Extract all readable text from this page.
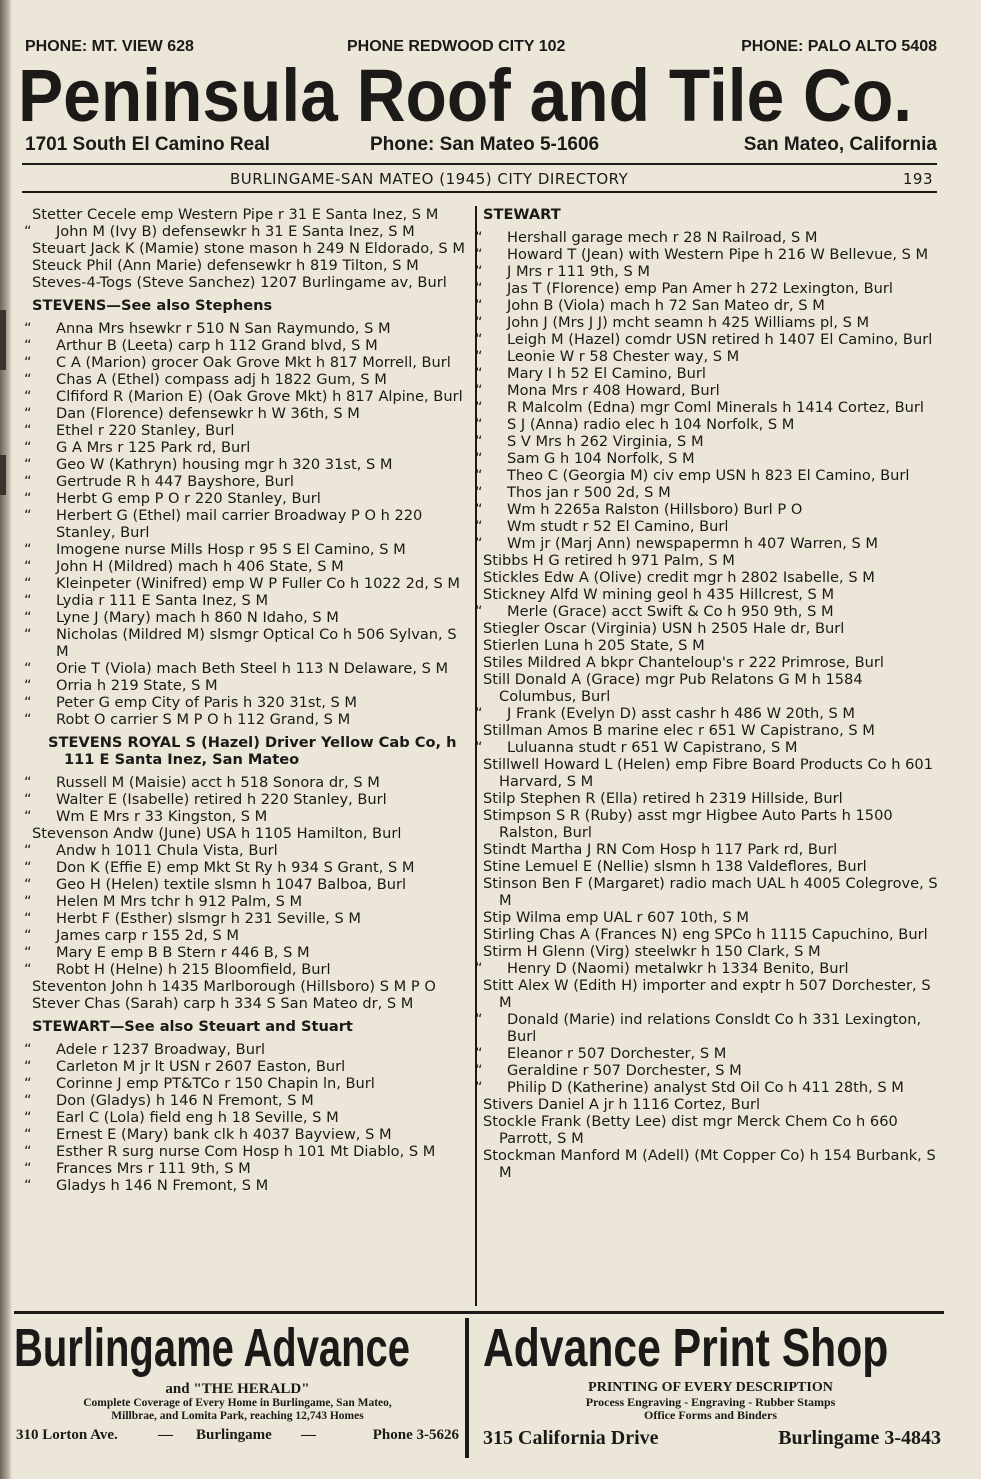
PHONE: MT. VIEW 628	PHONE REDWOOD CITY 102	PHONE: PALO ALTO 5408
Peninsula Roof and Tile Co.
1701 South El Camino Real	Phone: San Mateo 5-1606	San Mateo, California
BURLINGAME-SAN MATEO (1945) CITY DIRECTORY	193
Stetter Cecele emp Western Pipe r 31 E Santa Inez, S M
“ John M (Ivy B) defensewkr h 31 E Santa Inez, S M
Steuart Jack K (Mamie) stone mason h 249 N Eldorado, S M
Steuck Phil (Ann Marie) defensewkr h 819 Tilton, S M
Steves-4-Togs (Steve Sanchez) 1207 Burlingame av, Burl
STEVENS—See also Stephens
“ Anna Mrs hsewkr r 510 N San Raymundo, S M
“ Arthur B (Leeta) carp h 112 Grand blvd, S M
“ C A (Marion) grocer Oak Grove Mkt h 817 Morrell, Burl
“ Chas A (Ethel) compass adj h 1822 Gum, S M
“ Clfiford R (Marion E) (Oak Grove Mkt) h 817 Alpine, Burl
“ Dan (Florence) defensewkr h W 36th, S M
“ Ethel r 220 Stanley, Burl
“ G A Mrs r 125 Park rd, Burl
“ Geo W (Kathryn) housing mgr h 320 31st, S M
“ Gertrude R h 447 Bayshore, Burl
“ Herbt G emp P O r 220 Stanley, Burl
“ Herbert G (Ethel) mail carrier Broadway P O h 220 Stanley, Burl
“ Imogene nurse Mills Hosp r 95 S El Camino, S M
“ John H (Mildred) mach h 406 State, S M
“ Kleinpeter (Winifred) emp W P Fuller Co h 1022 2d, S M
“ Lydia r 111 E Santa Inez, S M
“ Lyne J (Mary) mach h 860 N Idaho, S M
“ Nicholas (Mildred M) slsmgr Optical Co h 506 Sylvan, S M
“ Orie T (Viola) mach Beth Steel h 113 N Delaware, S M
“ Orria h 219 State, S M
“ Peter G emp City of Paris h 320 31st, S M
“ Robt O carrier S M P O h 112 Grand, S M
STEVENS ROYAL S (Hazel) Driver Yellow Cab Co, h 111 E Santa Inez, San Mateo
“ Russell M (Maisie) acct h 518 Sonora dr, S M
“ Walter E (Isabelle) retired h 220 Stanley, Burl
“ Wm E Mrs r 33 Kingston, S M
Stevenson Andw (June) USA h 1105 Hamilton, Burl
“ Andw h 1011 Chula Vista, Burl
“ Don K (Effie E) emp Mkt St Ry h 934 S Grant, S M
“ Geo H (Helen) textile slsmn h 1047 Balboa, Burl
“ Helen M Mrs tchr h 912 Palm, S M
“ Herbt F (Esther) slsmgr h 231 Seville, S M
“ James carp r 155 2d, S M
“ Mary E emp B B Stern r 446 B, S M
“ Robt H (Helne) h 215 Bloomfield, Burl
Steventon John h 1435 Marlborough (Hillsboro) S M P O
Stever Chas (Sarah) carp h 334 S San Mateo dr, S M
STEWART—See also Steuart and Stuart
“ Adele r 1237 Broadway, Burl
“ Carleton M jr lt USN r 2607 Easton, Burl
“ Corinne J emp PT&TCo r 150 Chapin ln, Burl
“ Don (Gladys) h 146 N Fremont, S M
“ Earl C (Lola) field eng h 18 Seville, S M
“ Ernest E (Mary) bank clk h 4037 Bayview, S M
“ Esther R surg nurse Com Hosp h 101 Mt Diablo, S M
“ Frances Mrs r 111 9th, S M
“ Gladys h 146 N Fremont, S M
STEWART
“ Hershall garage mech r 28 N Railroad, S M
“ Howard T (Jean) with Western Pipe h 216 W Bellevue, S M
“ J Mrs r 111 9th, S M
“ Jas T (Florence) emp Pan Amer h 272 Lexington, Burl
“ John B (Viola) mach h 72 San Mateo dr, S M
“ John J (Mrs J J) mcht seamn h 425 Williams pl, S M
“ Leigh M (Hazel) comdr USN retired h 1407 El Camino, Burl
“ Leonie W r 58 Chester way, S M
“ Mary I h 52 El Camino, Burl
“ Mona Mrs r 408 Howard, Burl
“ R Malcolm (Edna) mgr Coml Minerals h 1414 Cortez, Burl
“ S J (Anna) radio elec h 104 Norfolk, S M
“ S V Mrs h 262 Virginia, S M
“ Sam G h 104 Norfolk, S M
“ Theo C (Georgia M) civ emp USN h 823 El Camino, Burl
“ Thos jan r 500 2d, S M
“ Wm h 2265a Ralston (Hillsboro) Burl P O
“ Wm studt r 52 El Camino, Burl
“ Wm jr (Marj Ann) newspapermn h 407 Warren, S M
Stibbs H G retired h 971 Palm, S M
Stickles Edw A (Olive) credit mgr h 2802 Isabelle, S M
Stickney Alfd W mining geol h 435 Hillcrest, S M
“ Merle (Grace) acct Swift & Co h 950 9th, S M
Stiegler Oscar (Virginia) USN h 2505 Hale dr, Burl
Stierlen Luna h 205 State, S M
Stiles Mildred A bkpr Chanteloup's r 222 Primrose, Burl
Still Donald A (Grace) mgr Pub Relatons G M h 1584 Columbus, Burl
“ J Frank (Evelyn D) asst cashr h 486 W 20th, S M
Stillman Amos B marine elec r 651 W Capistrano, S M
“ Luluanna studt r 651 W Capistrano, S M
Stillwell Howard L (Helen) emp Fibre Board Products Co h 601 Harvard, S M
Stilp Stephen R (Ella) retired h 2319 Hillside, Burl
Stimpson S R (Ruby) asst mgr Higbee Auto Parts h 1500 Ralston, Burl
Stindt Martha J RN Com Hosp h 117 Park rd, Burl
Stine Lemuel E (Nellie) slsmn h 138 Valdeflores, Burl
Stinson Ben F (Margaret) radio mach UAL h 4005 Colegrove, S M
Stip Wilma emp UAL r 607 10th, S M
Stirling Chas A (Frances N) eng SPCo h 1115 Capuchino, Burl
Stirm H Glenn (Virg) steelwkr h 150 Clark, S M
“ Henry D (Naomi) metalwkr h 1334 Benito, Burl
Stitt Alex W (Edith H) importer and exptr h 507 Dorchester, S M
“ Donald (Marie) ind relations Consldt Co h 331 Lexington, Burl
“ Eleanor r 507 Dorchester, S M
“ Geraldine r 507 Dorchester, S M
“ Philip D (Katherine) analyst Std Oil Co h 411 28th, S M
Stivers Daniel A jr h 1116 Cortez, Burl
Stockle Frank (Betty Lee) dist mgr Merck Chem Co h 660 Parrott, S M
Stockman Manford M (Adell) (Mt Copper Co) h 154 Burbank, S M
Burlingame Advance
and "THE HERALD"
Complete Coverage of Every Home in Burlingame, San Mateo,
Millbrae, and Lomita Park, reaching 12,743 Homes
310 Lorton Ave.	— Burlingame —	Phone 3-5626
Advance Print Shop
PRINTING OF EVERY DESCRIPTION
Process Engraving - Engraving - Rubber Stamps
Office Forms and Binders
315 California Drive	Burlingame 3-4843
